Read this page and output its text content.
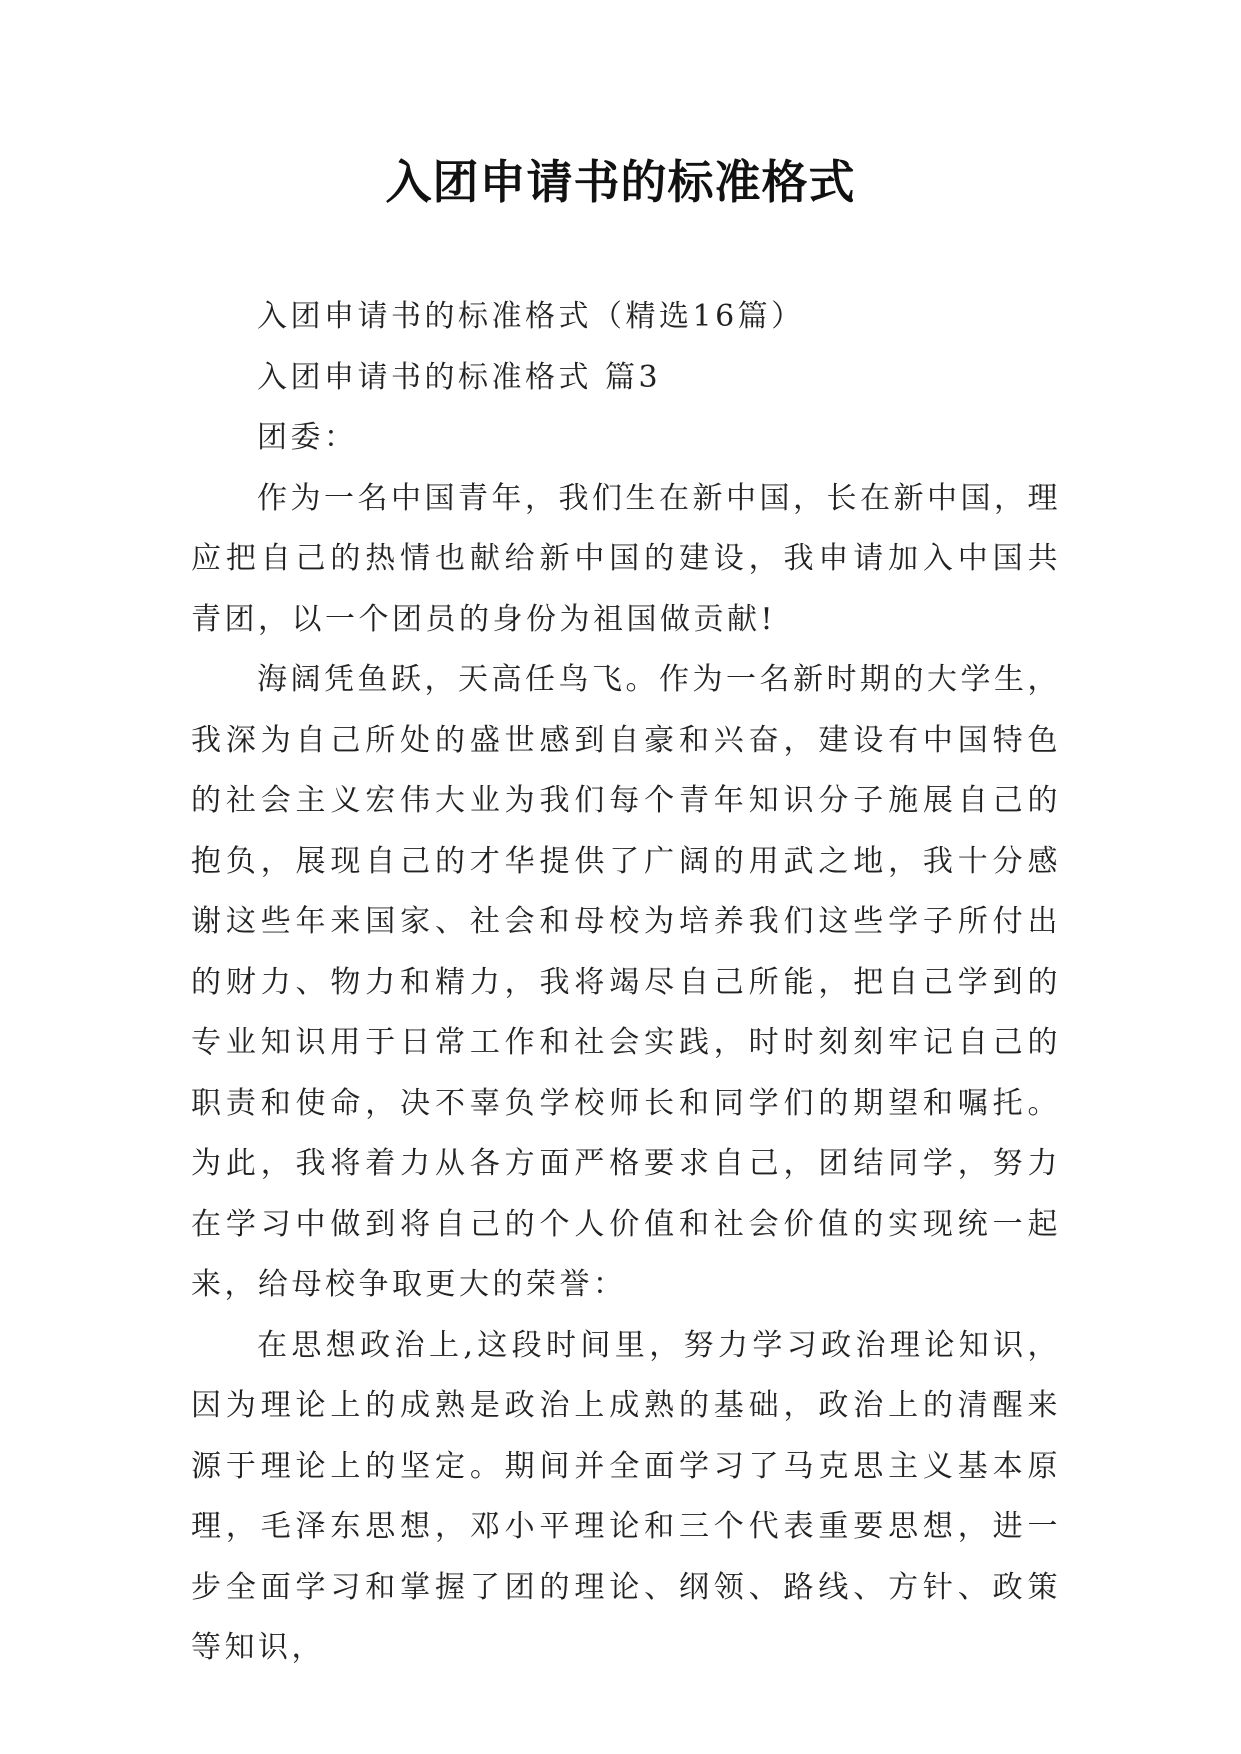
入团申请书的标准格式

入团申请书的标准格式（精选16篇）

入团申请书的标准格式 篇3

团委：

作为一名中国青年，我们生在新中国，长在新中国，理应把自己的热情也献给新中国的建设，我申请加入中国共青团，以一个团员的身份为祖国做贡献!

海阔凭鱼跃，天高任鸟飞。作为一名新时期的大学生，我深为自己所处的盛世感到自豪和兴奋，建设有中国特色的社会主义宏伟大业为我们每个青年知识分子施展自己的抱负，展现自己的才华提供了广阔的用武之地，我十分感谢这些年来国家、社会和母校为培养我们这些学子所付出的财力、物力和精力，我将竭尽自己所能，把自己学到的专业知识用于日常工作和社会实践，时时刻刻牢记自己的职责和使命，决不辜负学校师长和同学们的期望和嘱托。为此，我将着力从各方面严格要求自己，团结同学，努力在学习中做到将自己的个人价值和社会价值的实现统一起来，给母校争取更大的荣誉：

在思想政治上,这段时间里，努力学习政治理论知识，因为理论上的成熟是政治上成熟的基础，政治上的清醒来源于理论上的坚定。期间并全面学习了马克思主义基本原理，毛泽东思想，邓小平理论和三个代表重要思想，进一步全面学习和掌握了团的理论、纲领、路线、方针、政策等知识，
